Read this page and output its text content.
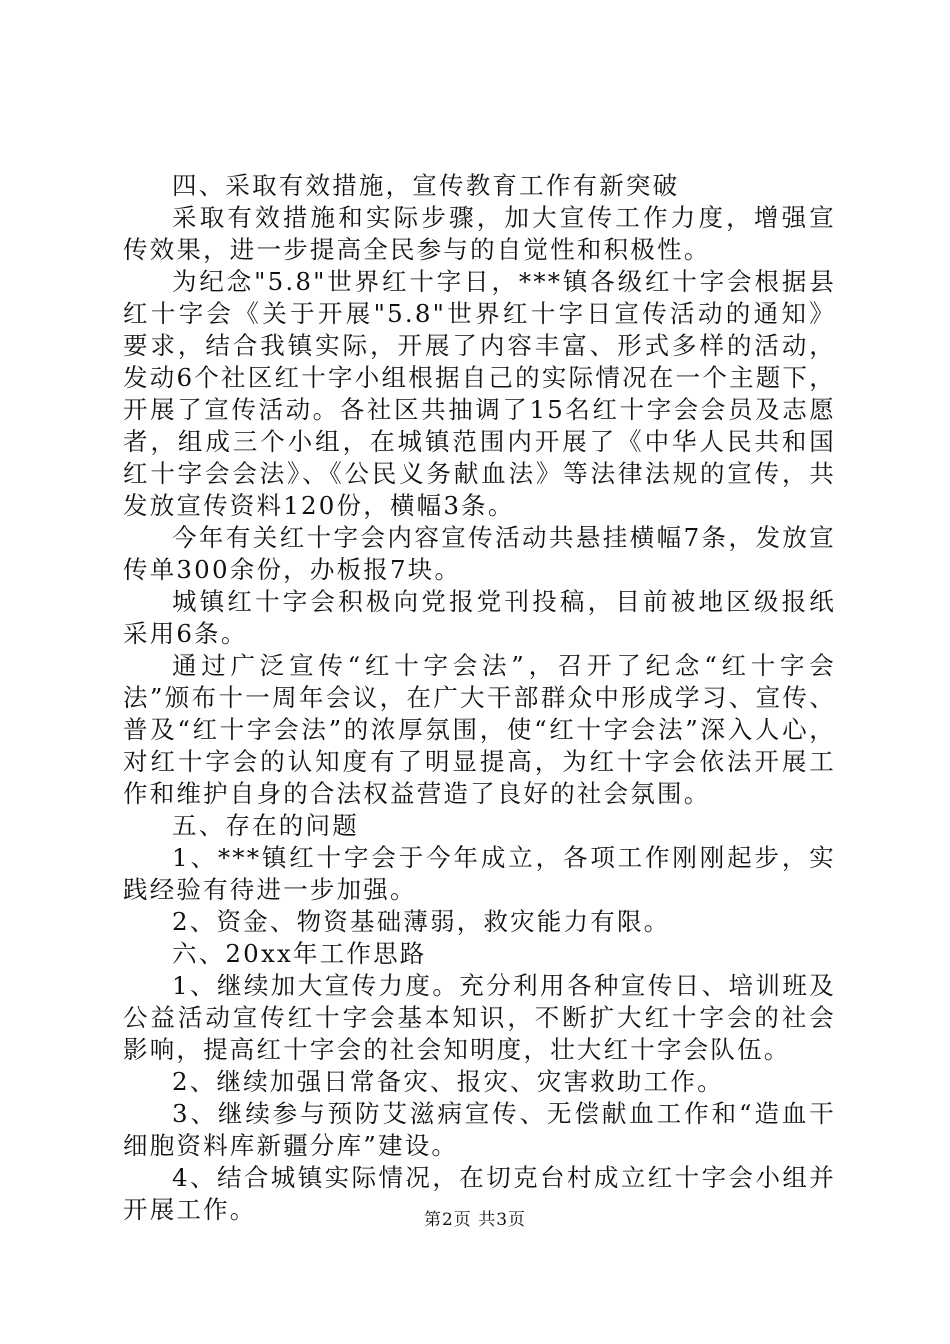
四、采取有效措施，宣传教育工作有新突破

采取有效措施和实际步骤，加大宣传工作力度，增强宣传效果，进一步提高全民参与的自觉性和积极性。

为纪念"5.8"世界红十字日，***镇各级红十字会根据县红十字会《关于开展"5.8"世界红十字日宣传活动的通知》要求，结合我镇实际，开展了内容丰富、形式多样的活动，发动6个社区红十字小组根据自己的实际情况在一个主题下，开展了宣传活动。各社区共抽调了15名红十字会会员及志愿者，组成三个小组，在城镇范围内开展了《中华人民共和国红十字会会法》、《公民义务献血法》等法律法规的宣传，共发放宣传资料120份，横幅3条。

今年有关红十字会内容宣传活动共悬挂横幅7条，发放宣传单300余份，办板报7块。

城镇红十字会积极向党报党刊投稿，目前被地区级报纸采用6条。

通过广泛宣传“红十字会法”，召开了纪念“红十字会法”颁布十一周年会议，在广大干部群众中形成学习、宣传、普及“红十字会法”的浓厚氛围，使“红十字会法”深入人心，对红十字会的认知度有了明显提高，为红十字会依法开展工作和维护自身的合法权益营造了良好的社会氛围。

五、存在的问题

1、***镇红十字会于今年成立，各项工作刚刚起步，实践经验有待进一步加强。

2、资金、物资基础薄弱，救灾能力有限。

六、20xx年工作思路

1、继续加大宣传力度。充分利用各种宣传日、培训班及公益活动宣传红十字会基本知识，不断扩大红十字会的社会影响，提高红十字会的社会知明度，壮大红十字会队伍。

2、继续加强日常备灾、报灾、灾害救助工作。

3、继续参与预防艾滋病宣传、无偿献血工作和“造血干细胞资料库新疆分库”建设。

4、结合城镇实际情况，在切克台村成立红十字会小组并开展工作。	第2页 共3页
